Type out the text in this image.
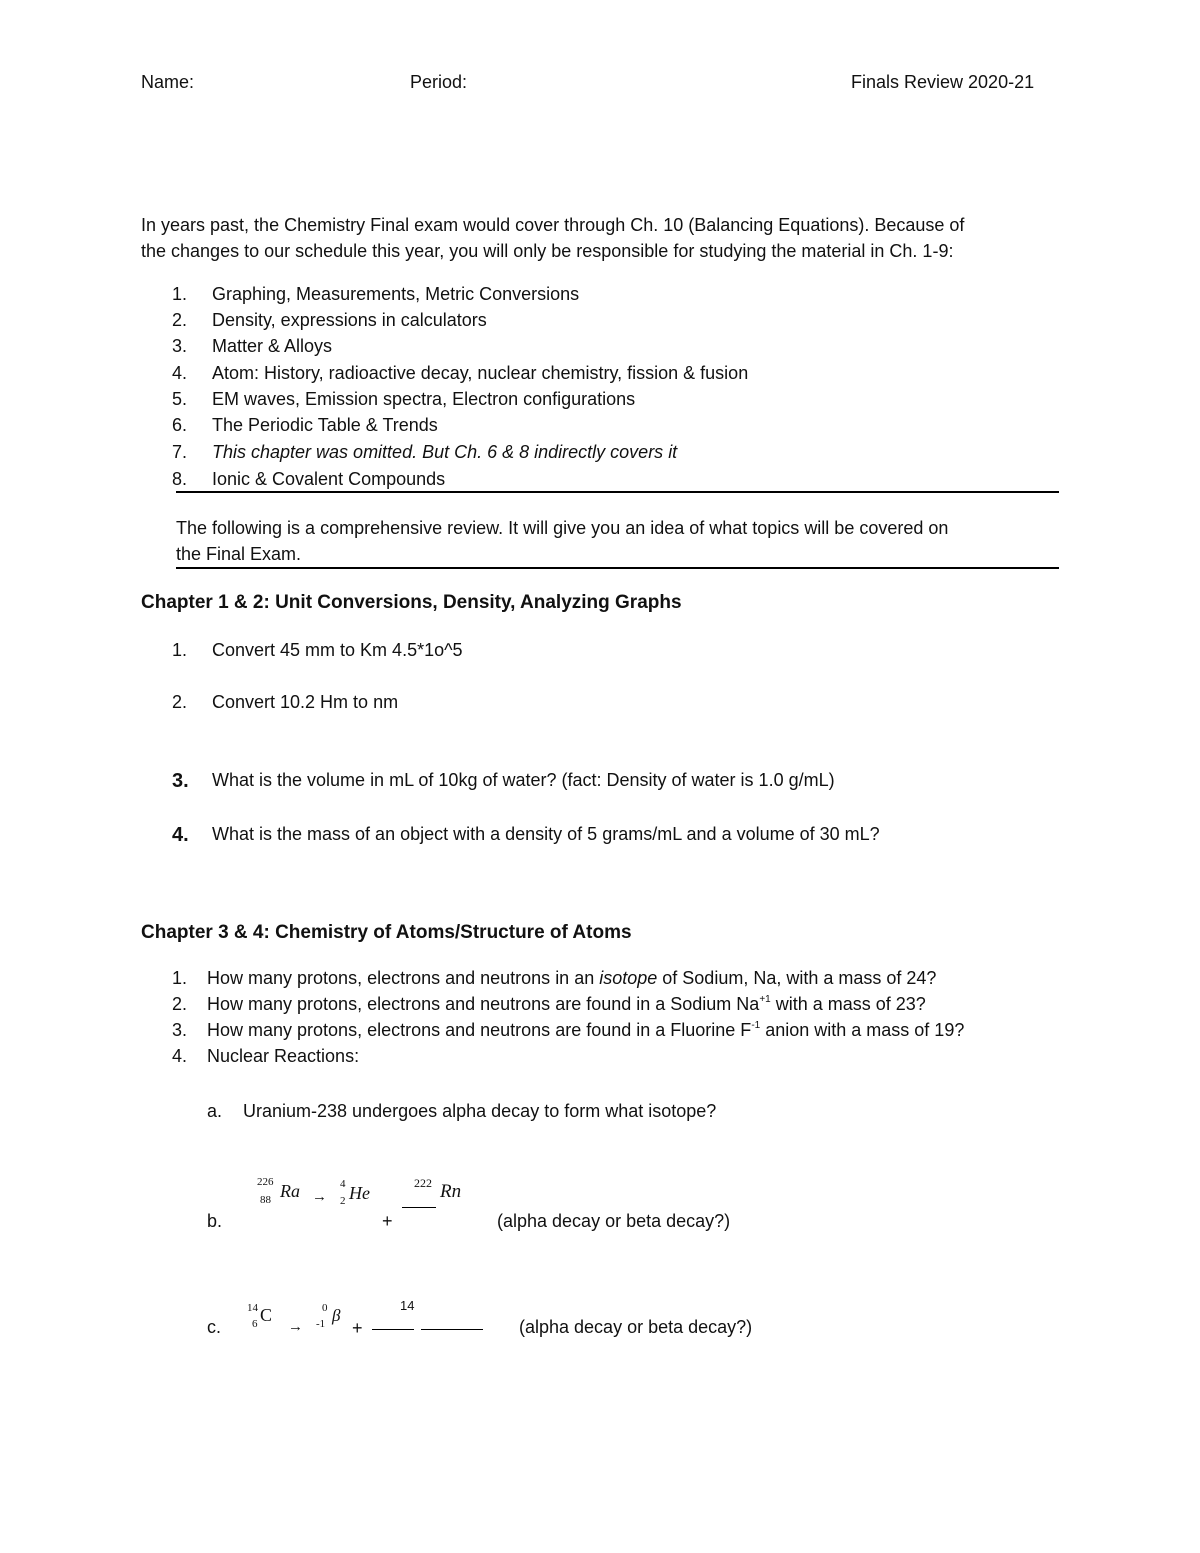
Name:	Period:	Finals Review 2020-21
In years past, the Chemistry Final exam would cover through Ch. 10 (Balancing Equations). Because of
the changes to our schedule this year, you will only be responsible for studying the material in Ch. 1-9:
1.	Graphing, Measurements, Metric Conversions
2.	Density, expressions in calculators
3.	Matter & Alloys
4.	Atom: History, radioactive decay, nuclear chemistry, fission & fusion
5.	EM waves, Emission spectra, Electron configurations
6.	The Periodic Table & Trends
7.	This chapter was omitted. But Ch. 6 & 8 indirectly covers it
8.	Ionic & Covalent Compounds
The following is a comprehensive review. It will give you an idea of what topics will be covered on
the Final Exam.
Chapter 1 & 2: Unit Conversions, Density, Analyzing Graphs
1.	Convert 45 mm to Km 4.5*1o^5
2.	Convert 10.2 Hm to nm
3.	What is the volume in mL of 10kg of water? (fact: Density of water is 1.0 g/mL)
4.	What is the mass of an object with a density of 5 grams/mL and a volume of 30 mL?
Chapter 3 & 4: Chemistry of Atoms/Structure of Atoms
1.	How many protons, electrons and neutrons in an isotope of Sodium, Na, with a mass of 24?
2.	How many protons, electrons and neutrons are found in a Sodium $Na^{+1}$ with a mass of 23?
3.	How many protons, electrons and neutrons are found in a Fluorine $F^{-1}$ anion with a mass of 19?
4.	Nuclear Reactions:
a. Uranium-238 undergoes alpha decay to form what isotope?
b.
226
88 Ra →
4
2 He
+
222 Rn
(alpha decay or beta decay?)
c.
14
6 C
→
0
-1 β
+
14
(alpha decay or beta decay?)
